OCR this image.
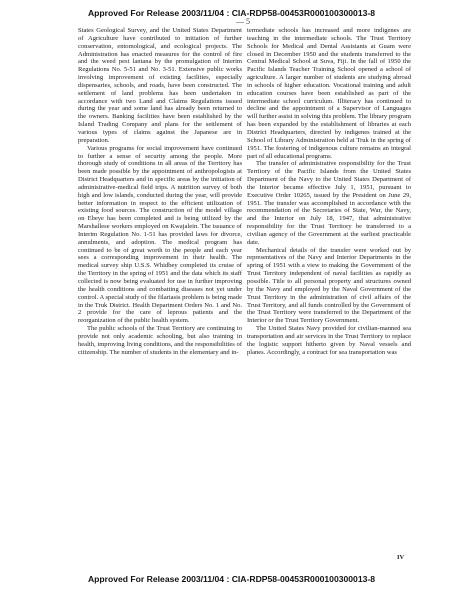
Approved For Release 2003/11/04 : CIA-RDP58-00453R000100300013-8
— 5

States Geological Survey, and the United States Department of Agriculture have contributed to initiation of further conservation, entomological, and ecological projects. The Administration has enacted measures for the control of fire and the weed pest lantana by the promulgation of Interim Regulations No. 5-51 and No. 3-51. Extensive public works involving improvement of existing facilities, especially dispensaries, schools, and roads, have been constructed. The settlement of land problems has been undertaken in accordance with two Land and Claims Regulations issued during the year and some land has already been returned to the owners. Banking facilities have been established by the Island Trading Company and plans for the settlement of various types of claims against the Japanese are in preparation.

Various programs for social improvement have continued to further a sense of security among the people. More thorough study of conditions in all areas of the Territory has been made possible by the appointment of anthropologists at District Headquarters and in specific areas by the initiation of administrative-medical field trips. A nutrition survey of both high and low islands, conducted during the year, will provide better information in respect to the efficient utilization of existing food sources. The construction of the model village on Ebeye has been completed and is being utilized by the Marshallese workers employed on Kwajalein. The issuance of Interim Regulation No. 1-51 has provided laws for divorce, annulments, and adoption. The medical program has continued to be of great worth to the people and each year sees a corresponding improvement in their health. The medical survey ship U.S.S. Whidbey completed its cruise of the Territory in the spring of 1951 and the data which its staff collected is now being evaluated for use in further improving the health conditions and combatting diseases not yet under control. A special study of the filariasis problem is being made in the Truk District. Health Department Orders No. 1 and No. 2 provide for the care of leprous patients and the reorganization of the public health system.

The public schools of the Trust Territory are continuing to provide not only academic schooling, but also training in health, improving living conditions, and the responsibilities of citizenship. The number of students in the elementary and in-

termediate schools has increased and more indigenes are teaching in the intermediate schools. The Trust Territory Schools for Medical and Dental Assistants at Guam were closed in December 1950 and the students transferred to the Central Medical School at Suva, Fiji. In the fall of 1950 the Pacific Islands Teacher Training School opened a school of agriculture. A larger number of students are studying abroad in schools of higher education. Vocational training and adult education courses have been established as part of the intermediate school curriculum. Illiteracy has continued to decline and the appointment of a Supervisor of Languages will further assist in solving this problem. The library program has been expanded by the establishment of libraries at each District Headquarters, directed by indigenes trained at the School of Library Administration held at Truk in the spring of 1951. The fostering of indigenous culture remains an integral part of all educational programs.

The transfer of administrative responsibility for the Trust Territory of the Pacific Islands from the United States Department of the Navy to the United States Department of the Interior became effective July 1, 1951, pursuant to Executive Order 10265, issued by the President on June 29, 1951. The transfer was accomplished in accordance with the recommendation of the Secretaries of State, War, the Navy, and the Interior on July 18, 1947, that administrative responsibility for the Trust Territory be transferred to a civilian agency of the Government at the earliest practicable date.

Mechanical details of the transfer were worked out by representatives of the Navy and Interior Departments in the spring of 1951 with a view to making the Government of the Trust Territory independent of naval facilities as rapidly as possible. Title to all personal property and structures owned by the Navy and employed by the Naval Government of the Trust Territory in the administration of civil affairs of the Trust Territory, and all funds controlled by the Government of the Trust Territory were transferred to the Department of the Interior or the Trust Territory Government.

The United States Navy provided for civilian-manned sea transportation and air services in the Trust Territory to replace the logistic support hitherto given by Naval vessels and planes. Accordingly, a contract for sea transportation was

IV
Approved For Release 2003/11/04 : CIA-RDP58-00453R000100300013-8
